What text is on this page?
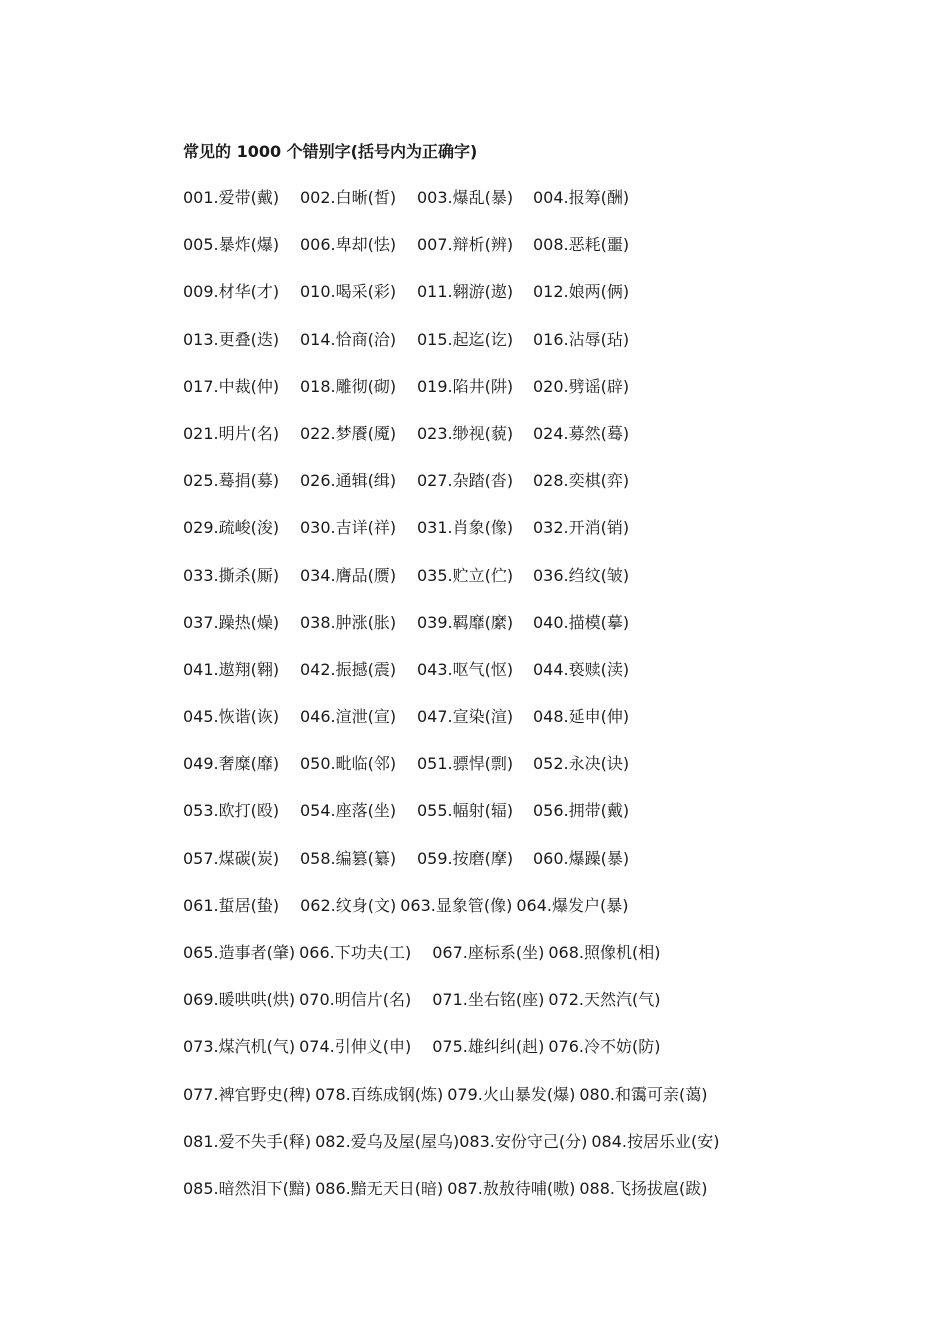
常见的 1000 个错别字(括号内为正确字)
001.爱带(戴) 002.白晰(皙) 003.爆乱(暴) 004.报筹(酬)
005.暴炸(爆) 006.卑却(怯) 007.辩析(辨) 008.恶耗(噩)
009.材华(才) 010.喝采(彩) 011.翱游(遨) 012.娘两(俩)
013.更叠(迭) 014.恰商(洽) 015.起迄(讫) 016.沾辱(玷)
017.中裁(仲) 018.雕彻(砌) 019.陷井(阱) 020.劈谣(辟)
021.明片(名) 022.梦餍(魇) 023.缈视(藐) 024.募然(蓦)
025.蓦捐(募) 026.通辑(缉) 027.杂踏(沓) 028.奕棋(弈)
029.疏峻(浚) 030.吉详(祥) 031.肖象(像) 032.开消(销)
033.撕杀(厮) 034.膺品(赝) 035.贮立(伫) 036.绉纹(皱)
037.躁热(燥) 038.肿涨(胀) 039.羁靡(縻) 040.描模(摹)
041.遨翔(翱) 042.振撼(震) 043.呕气(怄) 044.亵赎(渎)
045.恢谐(诙) 046.渲泄(宣) 047.宣染(渲) 048.延申(伸)
049.奢糜(靡) 050.毗临(邻) 051.骠悍(剽) 052.永决(诀)
053.欧打(殴) 054.座落(坐) 055.幅射(辐) 056.拥带(戴)
057.煤碳(炭) 058.编篡(纂) 059.按磨(摩) 060.爆躁(暴)
061.蜇居(蛰) 062.纹身(文) 063.显象管(像) 064.爆发户(暴)
065.造事者(肇) 066.下功夫(工) 067.座标系(坐) 068.照像机(相)
069.暖哄哄(烘) 070.明信片(名) 071.坐右铭(座) 072.天然汽(气)
073.煤汽机(气) 074.引伸义(申) 075.雄纠纠(赳) 076.冷不妨(防)
077.裨官野史(稗) 078.百练成钢(炼) 079.火山暴发(爆) 080.和霭可亲(蔼)
081.爱不失手(释) 082.爱乌及屋(屋乌)083.安份守己(分) 084.按居乐业(安)
085.暗然泪下(黯) 086.黯无天日(暗) 087.敖敖待哺(嗷) 088.飞扬拔扈(跋)
